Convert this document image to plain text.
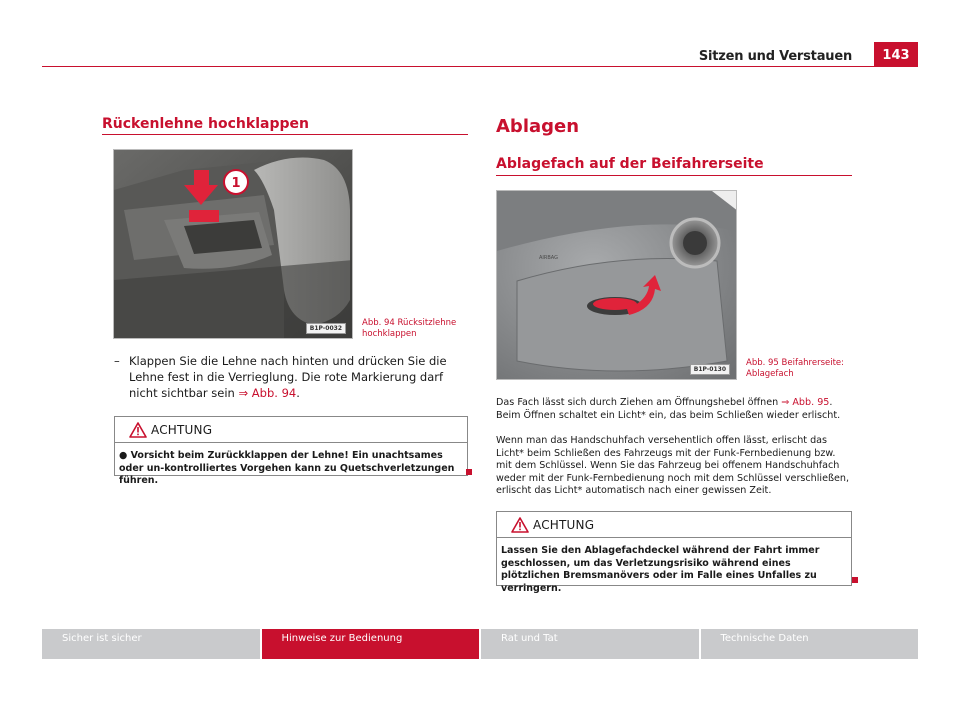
Sitzen und Verstauen	143
Rückenlehne hochklappen
1
B1P-0032
Abb. 94 Rücksitzlehne
hochklappen
– Klappen Sie die Lehne nach hinten und drücken Sie die Lehne fest in die Verrieglung. Die rote Markierung darf nicht sichtbar sein ⇒ Abb. 94.
ACHTUNG
● Vorsicht beim Zurückklappen der Lehne! Ein unachtsames oder un-kontrolliertes Vorgehen kann zu Quetschverletzungen führen.
Ablagen
Ablagefach auf der Beifahrerseite
AIRBAG
B1P-0130
Abb. 95 Beifahrerseite:
Ablagefach
Das Fach lässt sich durch Ziehen am Öffnungshebel öffnen ⇒ Abb. 95. Beim Öffnen schaltet ein Licht* ein, das beim Schließen wieder erlischt.
Wenn man das Handschuhfach versehentlich offen lässt, erlischt das Licht* beim Schließen des Fahrzeugs mit der Funk-Fernbedienung bzw. mit dem Schlüssel. Wenn Sie das Fahrzeug bei offenem Handschuhfach weder mit der Funk-Fernbedienung noch mit dem Schlüssel verschließen, erlischt das Licht* automatisch nach einer gewissen Zeit.
ACHTUNG
Lassen Sie den Ablagefachdeckel während der Fahrt immer geschlossen, um das Verletzungsrisiko während eines plötzlichen Bremsmanövers oder im Falle eines Unfalles zu verringern.
Sicher ist sicher	Hinweise zur Bedienung	Rat und Tat	Technische Daten
